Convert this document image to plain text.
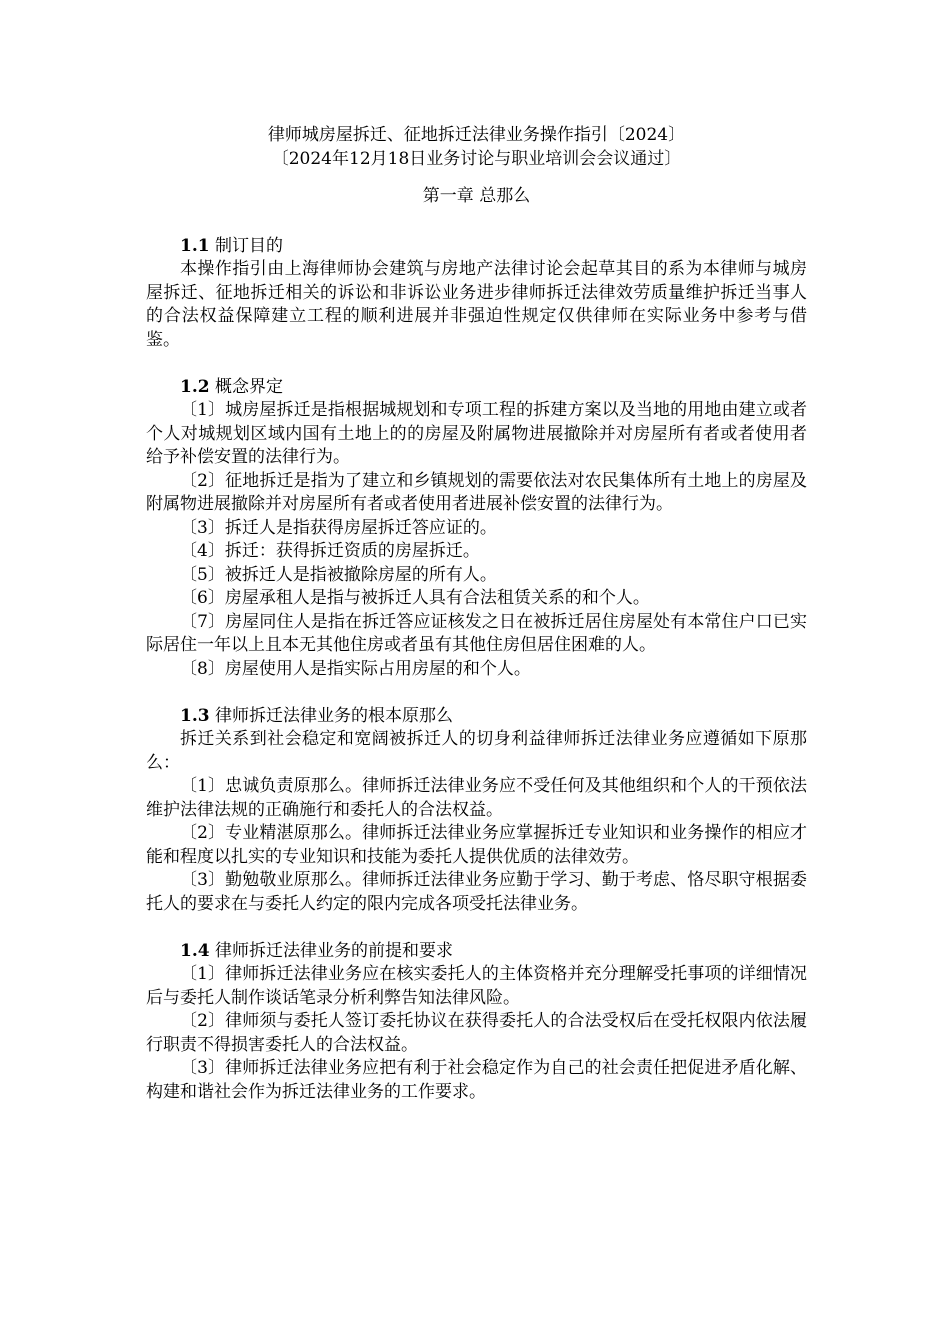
律师城房屋拆迁、征地拆迁法律业务操作指引〔2024〕

〔2024年12月18日业务讨论与职业培训会会议通过〕

第一章 总那么

1.1 制订目的

本操作指引由上海律师协会建筑与房地产法律讨论会起草其目的系为本律师与城房屋拆迁、征地拆迁相关的诉讼和非诉讼业务进步律师拆迁法律效劳质量维护拆迁当事人的合法权益保障建立工程的顺利进展并非强迫性规定仅供律师在实际业务中参考与借鉴。

1.2 概念界定

〔1〕城房屋拆迁是指根据城规划和专项工程的拆建方案以及当地的用地由建立或者个人对城规划区域内国有土地上的的房屋及附属物进展撤除并对房屋所有者或者使用者给予补偿安置的法律行为。

〔2〕征地拆迁是指为了建立和乡镇规划的需要依法对农民集体所有土地上的房屋及附属物进展撤除并对房屋所有者或者使用者进展补偿安置的法律行为。

〔3〕拆迁人是指获得房屋拆迁答应证的。

〔4〕拆迁：获得拆迁资质的房屋拆迁。

〔5〕被拆迁人是指被撤除房屋的所有人。

〔6〕房屋承租人是指与被拆迁人具有合法租赁关系的和个人。

〔7〕房屋同住人是指在拆迁答应证核发之日在被拆迁居住房屋处有本常住户口已实际居住一年以上且本无其他住房或者虽有其他住房但居住困难的人。

〔8〕房屋使用人是指实际占用房屋的和个人。

1.3 律师拆迁法律业务的根本原那么

拆迁关系到社会稳定和宽阔被拆迁人的切身利益律师拆迁法律业务应遵循如下原那么：

〔1〕忠诚负责原那么。律师拆迁法律业务应不受任何及其他组织和个人的干预依法维护法律法规的正确施行和委托人的合法权益。

〔2〕专业精湛原那么。律师拆迁法律业务应掌握拆迁专业知识和业务操作的相应才能和程度以扎实的专业知识和技能为委托人提供优质的法律效劳。

〔3〕勤勉敬业原那么。律师拆迁法律业务应勤于学习、勤于考虑、恪尽职守根据委托人的要求在与委托人约定的限内完成各项受托法律业务。

1.4 律师拆迁法律业务的前提和要求

〔1〕律师拆迁法律业务应在核实委托人的主体资格并充分理解受托事项的详细情况后与委托人制作谈话笔录分析利弊告知法律风险。

〔2〕律师须与委托人签订委托协议在获得委托人的合法受权后在受托权限内依法履行职责不得损害委托人的合法权益。

〔3〕律师拆迁法律业务应把有利于社会稳定作为自己的社会责任把促进矛盾化解、构建和谐社会作为拆迁法律业务的工作要求。
